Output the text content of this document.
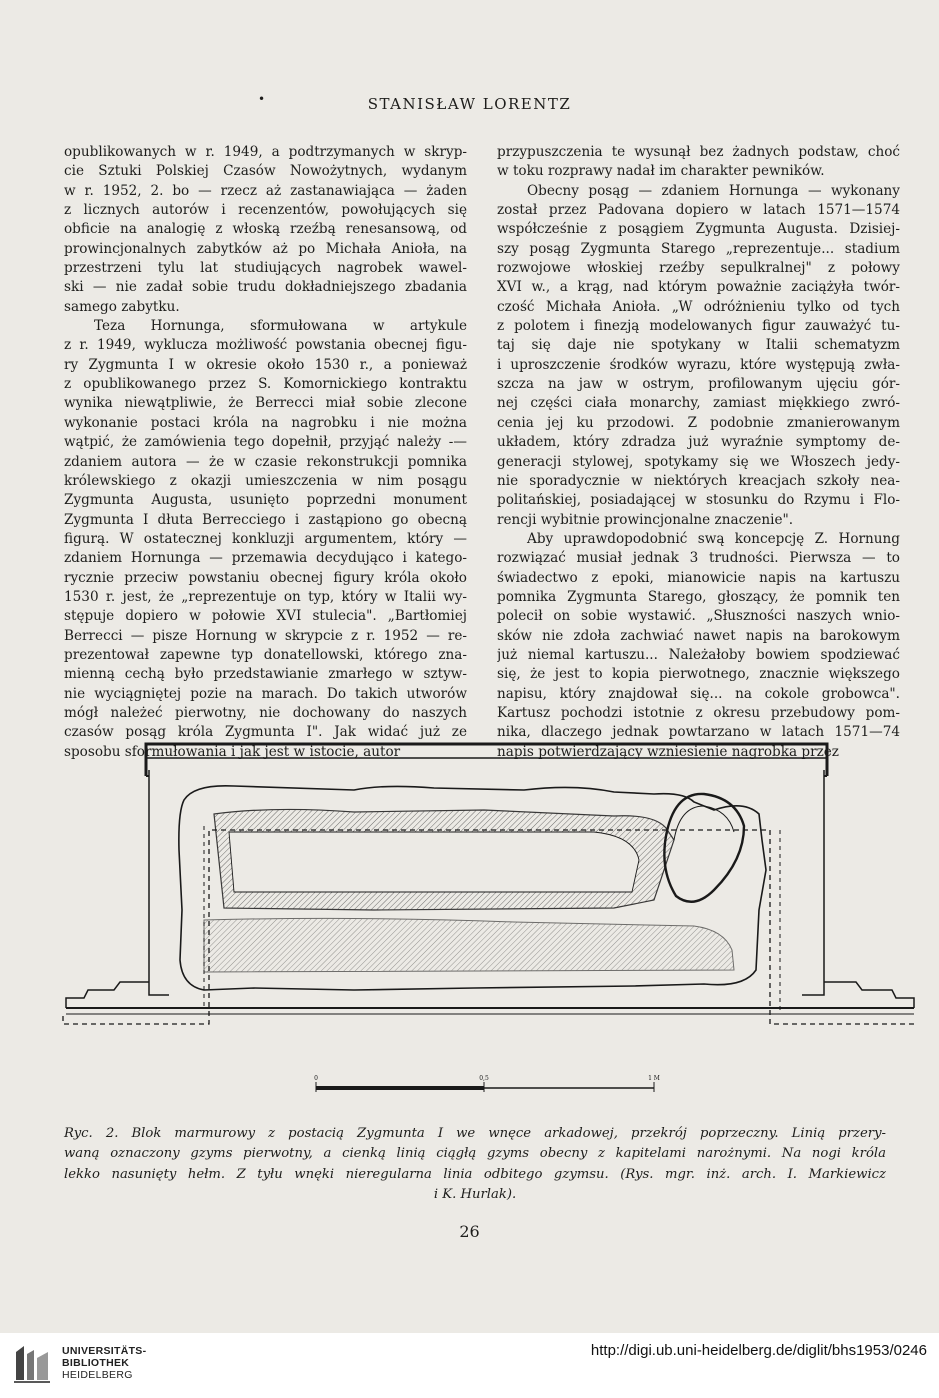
•	STANISŁAW LORENTZ
opublikowanych w r. 1949, a podtrzymanych w skryp-
cie Sztuki Polskiej Czasów Nowożytnych, wydanym
w r. 1952, 2. bo — rzecz aż zastanawiająca — żaden
z licznych autorów i recenzentów, powołujących się
obficie na analogię z włoską rzeźbą renesansową, od
prowincjonalnych zabytków aż po Michała Anioła, na
przestrzeni tylu lat studiujących nagrobek wawel-
ski — nie zadał sobie trudu dokładniejszego zbadania
samego zabytku.
Teza Hornunga, sformułowana w artykule
z r. 1949, wyklucza możliwość powstania obecnej figu-
ry Zygmunta I w okresie około 1530 r., a ponieważ
z opublikowanego przez S. Komornickiego kontraktu
wynika niewątpliwie, że Berrecci miał sobie zlecone
wykonanie postaci króla na nagrobku i nie można
wątpić, że zamówienia tego dopełnił, przyjąć należy -—
zdaniem autora — że w czasie rekonstrukcji pomnika
królewskiego z okazji umieszczenia w nim posągu
Zygmunta Augusta, usunięto poprzedni monument
Zygmunta I dłuta Berrecciego i zastąpiono go obecną
figurą. W ostatecznej konkluzji argumentem, który —
zdaniem Hornunga — przemawia decydująco i katego-
rycznie przeciw powstaniu obecnej figury króla około
1530 r. jest, że „reprezentuje on typ, który w Italii wy-
stępuje dopiero w połowie XVI stulecia". „Bartłomiej
Berrecci — pisze Hornung w skrypcie z r. 1952 — re-
prezentował zapewne typ donatellowski, którego zna-
mienną cechą było przedstawianie zmarłego w sztyw-
nie wyciągniętej pozie na marach. Do takich utworów
mógł należeć pierwotny, nie dochowany do naszych
czasów posąg króla Zygmunta I". Jak widać już ze
sposobu sformułowania i jak jest w istocie, autor
przypuszczenia te wysunął bez żadnych podstaw, choć
w toku rozprawy nadał im charakter pewników.
Obecny posąg — zdaniem Hornunga — wykonany
został przez Padovana dopiero w latach 1571—1574
współcześnie z posągiem Zygmunta Augusta. Dzisiej-
szy posąg Zygmunta Starego „reprezentuje... stadium
rozwojowe włoskiej rzeźby sepulkralnej" z połowy
XVI w., a krąg, nad którym poważnie zaciążyła twór-
czość Michała Anioła. „W odróżnieniu tylko od tych
z polotem i finezją modelowanych figur zauważyć tu-
taj się daje nie spotykany w Italii schematyzm
i uproszczenie środków wyrazu, które występują zwła-
szcza na jaw w ostrym, profilowanym ujęciu gór-
nej części ciała monarchy, zamiast miękkiego zwró-
cenia jej ku przodowi. Z podobnie zmanierowanym
układem, który zdradza już wyraźnie symptomy de-
generacji stylowej, spotykamy się we Włoszech jedy-
nie sporadycznie w niektórych kreacjach szkoły nea-
politańskiej, posiadającej w stosunku do Rzymu i Flo-
rencji wybitnie prowincjonalne znaczenie".
Aby uprawdopodobnić swą koncepcję Z. Hornung
rozwiązać musiał jednak 3 trudności. Pierwsza — to
świadectwo z epoki, mianowicie napis na kartuszu
pomnika Zygmunta Starego, głoszący, że pomnik ten
polecił on sobie wystawić. „Słuszności naszych wnio-
sków nie zdoła zachwiać nawet napis na barokowym
już niemal kartuszu... Należałoby bowiem spodziewać
się, że jest to kopia pierwotnego, znacznie większego
napisu, który znajdował się... na cokole grobowca".
Kartusz pochodzi istotnie z okresu przebudowy pom-
nika, dlaczego jednak powtarzano w latach 1571—74
napis potwierdzający wzniesienie nagrobka przez
0	0,5	1 M
Ryc. 2. Blok marmurowy z postacią Zygmunta I we wnęce arkadowej, przekrój poprzeczny. Linią przery-
waną oznaczony gzyms pierwotny, a cienką linią ciągłą gzyms obecny z kapitelami narożnymi. Na nogi króla
lekko nasunięty hełm. Z tyłu wnęki nieregularna linia odbitego gzymsu. (Rys. mgr. inż. arch. I. Markiewicz
i K. Hurlak).
26
UNIVERSITÄTS-
BIBLIOTHEK
HEIDELBERG
http://digi.ub.uni-heidelberg.de/diglit/bhs1953/0246
